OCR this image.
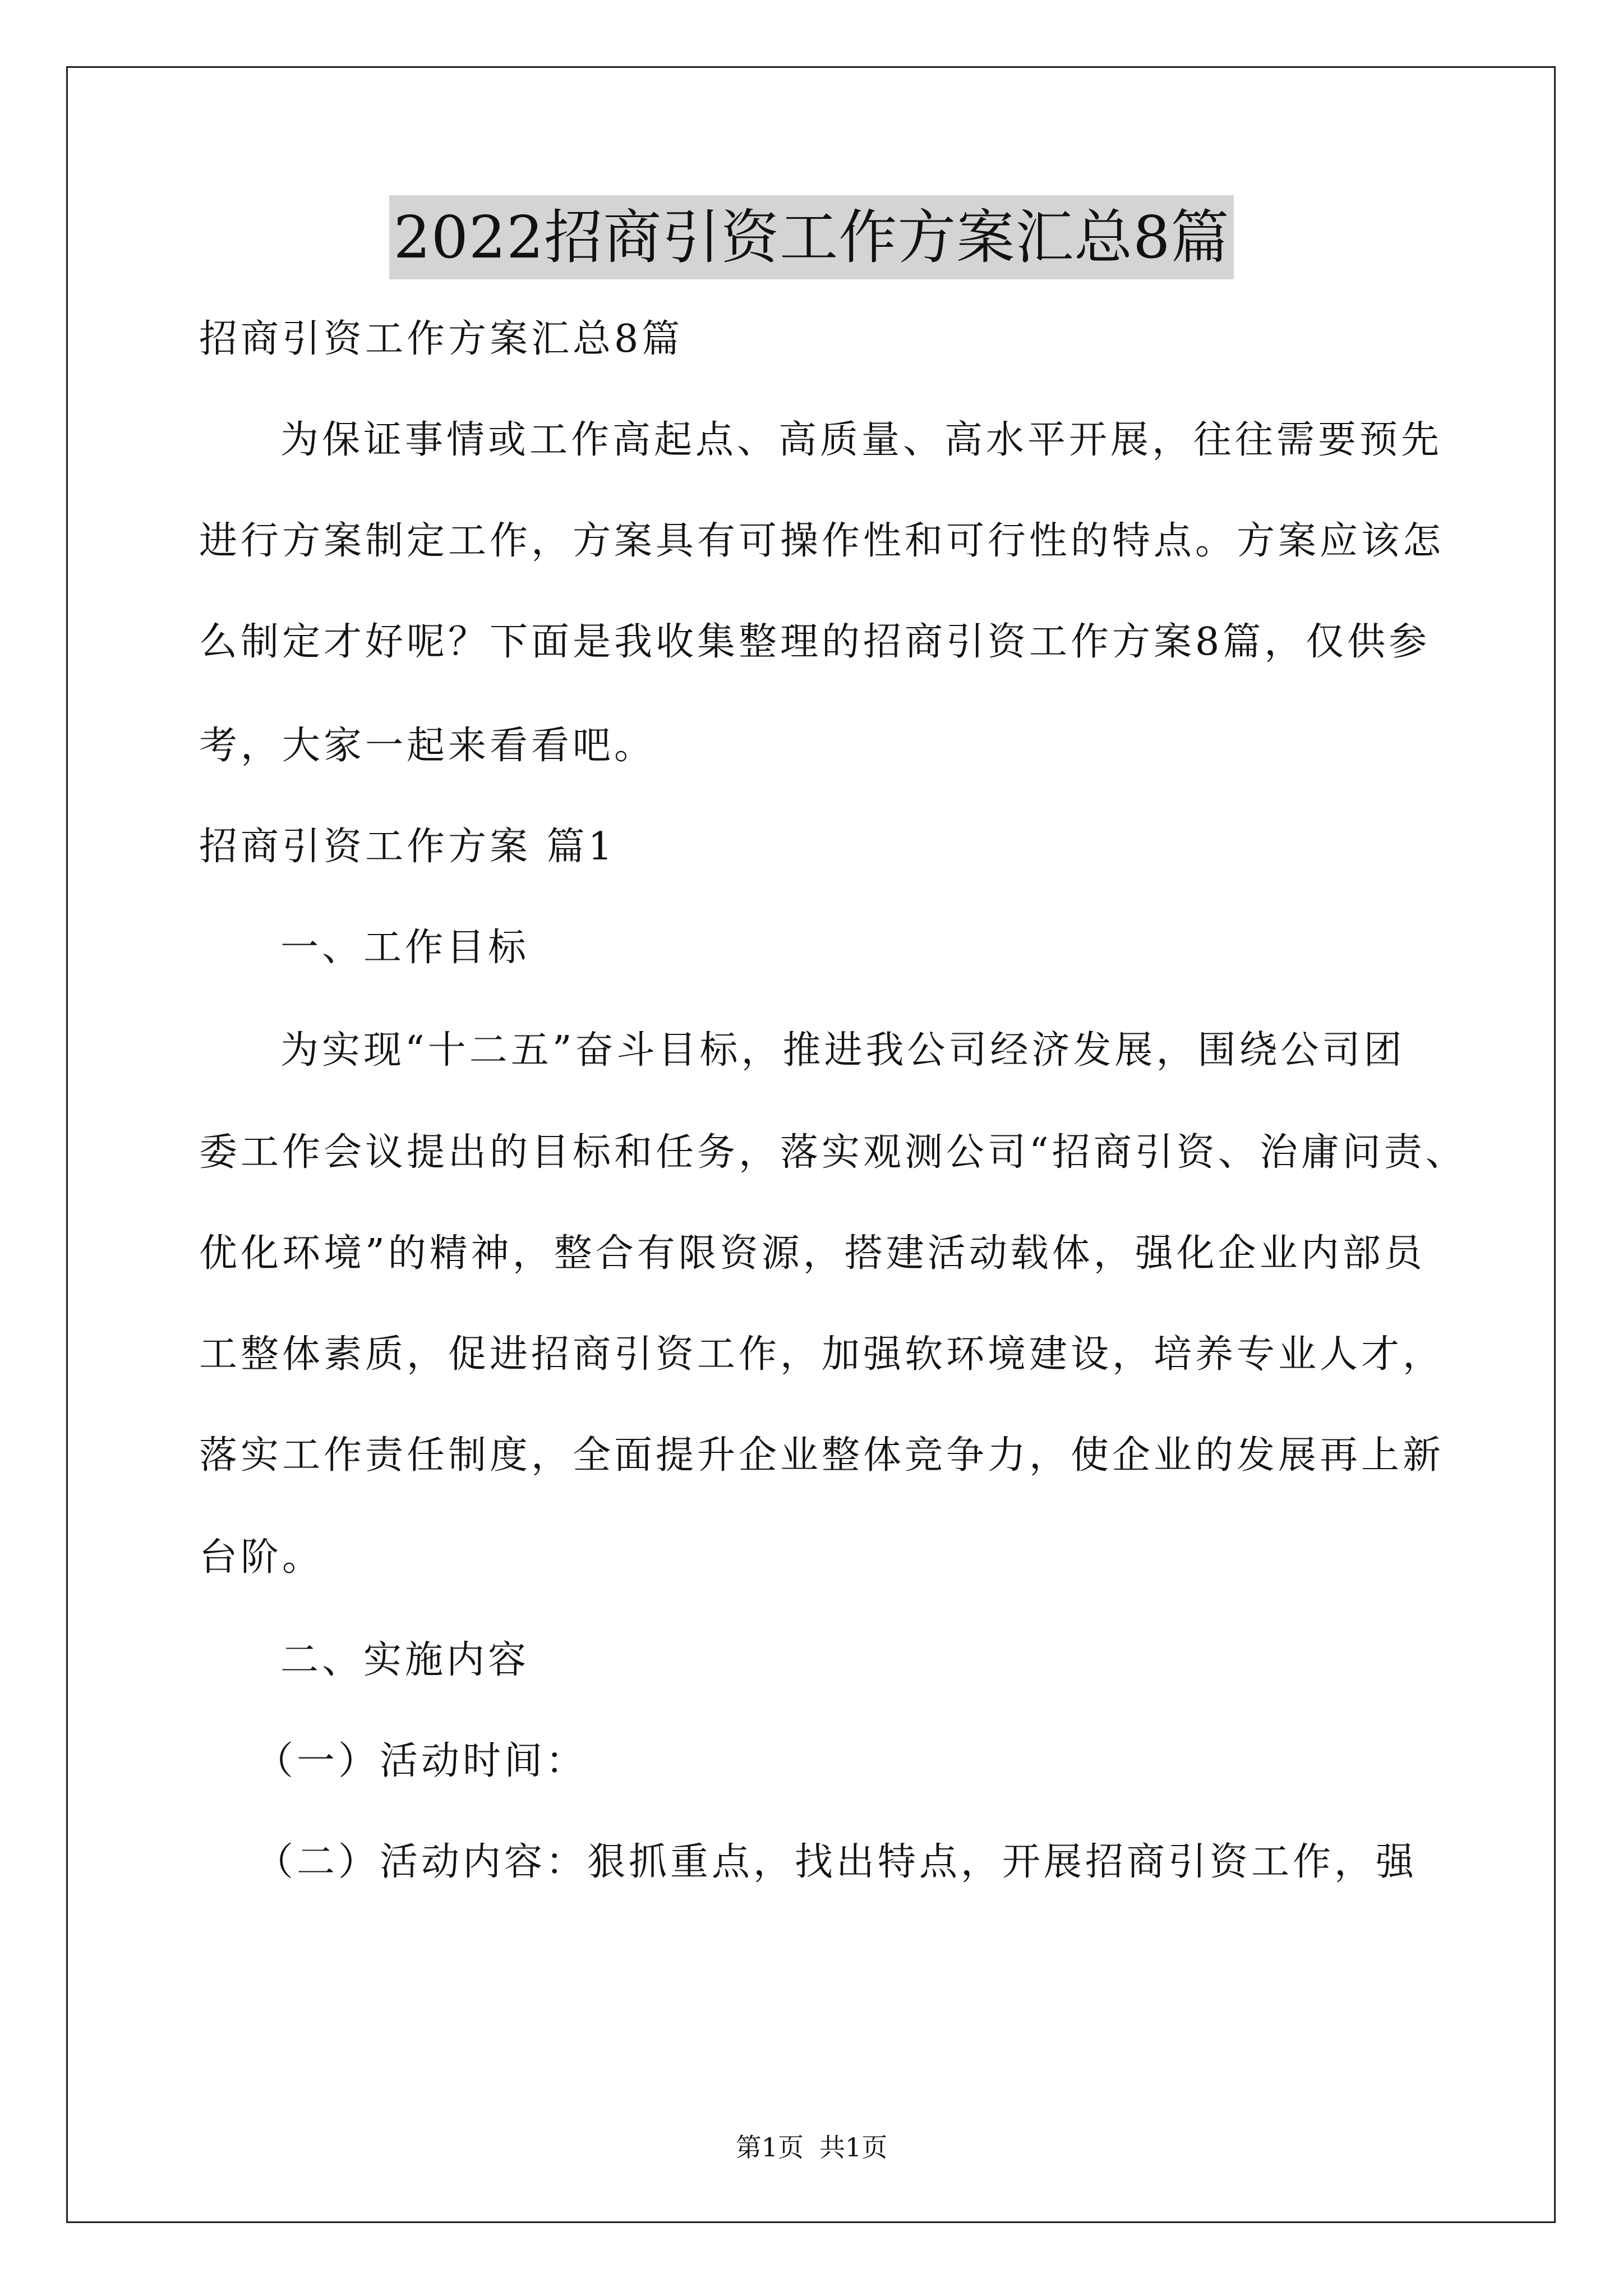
2022招商引资工作方案汇总8篇
招商引资工作方案汇总8篇
为保证事情或工作高起点、高质量、高水平开展，往往需要预先
进行方案制定工作，方案具有可操作性和可行性的特点。方案应该怎
么制定才好呢？下面是我收集整理的招商引资工作方案8篇，仅供参
考，大家一起来看看吧。
招商引资工作方案 篇1
一、工作目标
为实现“十二五”奋斗目标，推进我公司经济发展，围绕公司团
委工作会议提出的目标和任务，落实观测公司“招商引资、治庸问责、
优化环境”的精神，整合有限资源，搭建活动载体，强化企业内部员
工整体素质，促进招商引资工作，加强软环境建设，培养专业人才，
落实工作责任制度，全面提升企业整体竞争力，使企业的发展再上新
台阶。
二、实施内容
（一）活动时间：
（二）活动内容：狠抓重点，找出特点，开展招商引资工作，强
第1页 共1页
